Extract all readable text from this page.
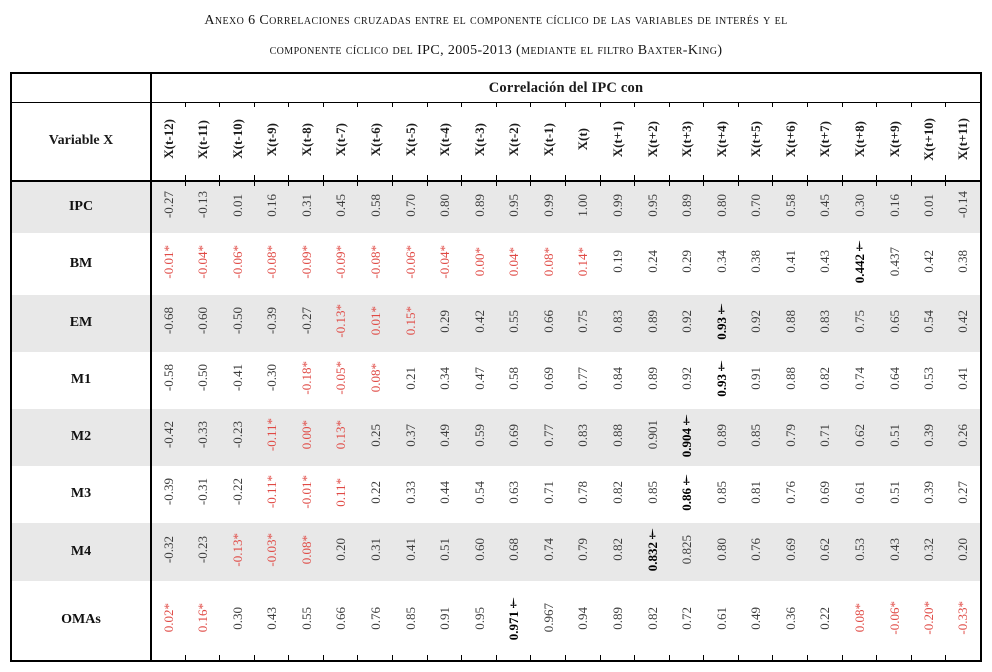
Anexo 6 Correlaciones cruzadas entre el componente cíclico de las variables de interés y el
componente cíclico del IPC, 2005-2013 (mediante el filtro Baxter-King)
	Correlación del IPC con																							
Variable X	X(t-12)	X(t-11)	X(t-10)	X(t-9)	X(t-8)	X(t-7)	X(t-6)	X(t-5)	X(t-4)	X(t-3)	X(t-2)	X(t-1)	X(t)	X(t+1)	X(t+2)	X(t+3)	X(t+4)	X(t+5)	X(t+6)	X(t+7)	X(t+8)	X(t+9)	X(t+10)	X(t+11)
IPC	-0.27	-0.13	0.01	0.16	0.31	0.45	0.58	0.70	0.80	0.89	0.95	0.99	1.00	0.99	0.95	0.89	0.80	0.70	0.58	0.45	0.30	0.16	0.01	-0.14
BM	-0.01*	-0.04*	-0.06*	-0.08*	-0.09*	-0.09*	-0.08*	-0.06*	-0.04*	0.00*	0.04*	0.08*	0.14*	0.19	0.24	0.29	0.34	0.38	0.41	0.43	0.442†	0.437	0.42	0.38
EM	-0.68	-0.60	-0.50	-0.39	-0.27	-0.13*	0.01*	0.15*	0.29	0.42	0.55	0.66	0.75	0.83	0.89	0.92	0.93†	0.92	0.88	0.83	0.75	0.65	0.54	0.42
M1	-0.58	-0.50	-0.41	-0.30	-0.18*	-0.05*	0.08*	0.21	0.34	0.47	0.58	0.69	0.77	0.84	0.89	0.92	0.93†	0.91	0.88	0.82	0.74	0.64	0.53	0.41
M2	-0.42	-0.33	-0.23	-0.11*	0.00*	0.13*	0.25	0.37	0.49	0.59	0.69	0.77	0.83	0.88	0.901	0.904†	0.89	0.85	0.79	0.71	0.62	0.51	0.39	0.26
M3	-0.39	-0.31	-0.22	-0.11*	-0.01*	0.11*	0.22	0.33	0.44	0.54	0.63	0.71	0.78	0.82	0.85	0.86†	0.85	0.81	0.76	0.69	0.61	0.51	0.39	0.27
M4	-0.32	-0.23	-0.13*	-0.03*	0.08*	0.20	0.31	0.41	0.51	0.60	0.68	0.74	0.79	0.82	0.832†	0.825	0.80	0.76	0.69	0.62	0.53	0.43	0.32	0.20
OMAs	0.02*	0.16*	0.30	0.43	0.55	0.66	0.76	0.85	0.91	0.95	0.971†	0.967	0.94	0.89	0.82	0.72	0.61	0.49	0.36	0.22	0.08*	-0.06*	-0.20*	-0.33*
